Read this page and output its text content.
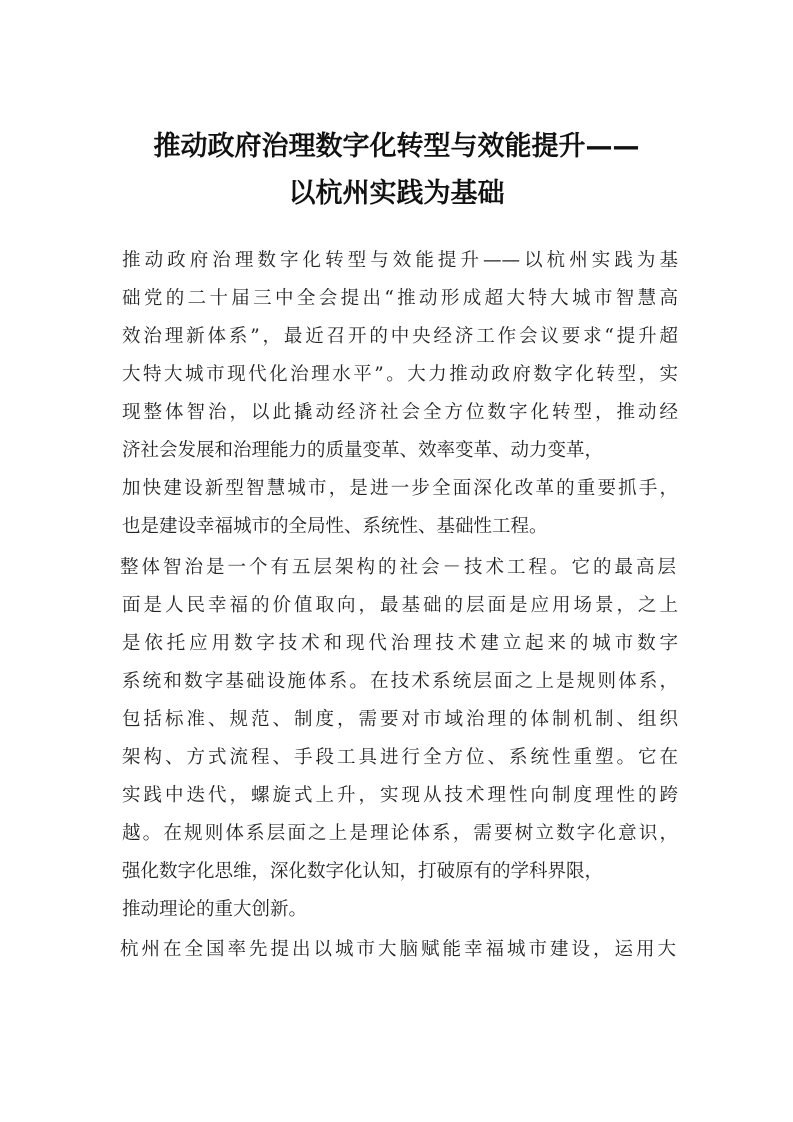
推动政府治理数字化转型与效能提升——
以杭州实践为基础
推动政府治理数字化转型与效能提升——以杭州实践为基
础党的二十届三中全会提出“推动形成超大特大城市智慧高
效治理新体系”，最近召开的中央经济工作会议要求“提升超
大特大城市现代化治理水平”。大力推动政府数字化转型，实
现整体智治，以此撬动经济社会全方位数字化转型，推动经
济社会发展和治理能力的质量变革、效率变革、动力变革，
加快建设新型智慧城市，是进一步全面深化改革的重要抓手，
也是建设幸福城市的全局性、系统性、基础性工程。
整体智治是一个有五层架构的社会－技术工程。它的最高层
面是人民幸福的价值取向，最基础的层面是应用场景，之上
是依托应用数字技术和现代治理技术建立起来的城市数字
系统和数字基础设施体系。在技术系统层面之上是规则体系，
包括标准、规范、制度，需要对市域治理的体制机制、组织
架构、方式流程、手段工具进行全方位、系统性重塑。它在
实践中迭代，螺旋式上升，实现从技术理性向制度理性的跨
越。在规则体系层面之上是理论体系，需要树立数字化意识，
强化数字化思维，深化数字化认知，打破原有的学科界限，
推动理论的重大创新。
杭州在全国率先提出以城市大脑赋能幸福城市建设，运用大
